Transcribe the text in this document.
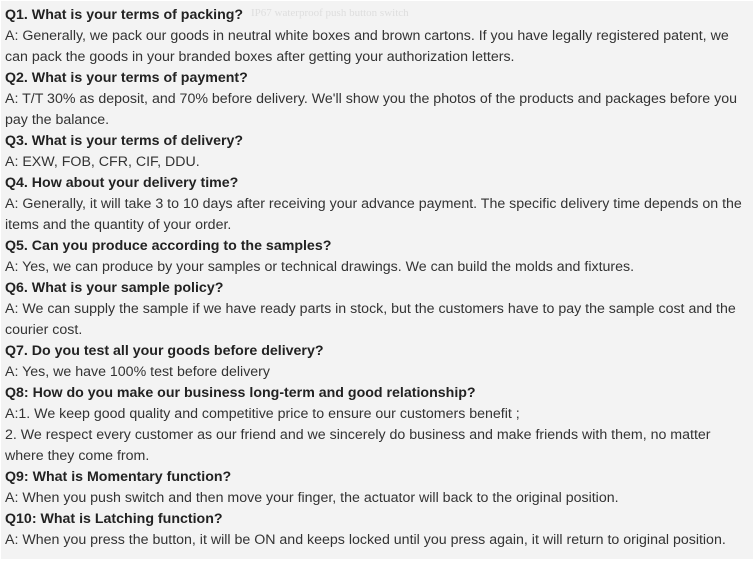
IP67 waterproof push button switch
Q1. What is your terms of packing?
A: Generally, we pack our goods in neutral white boxes and brown cartons. If you have legally registered patent, we can pack the goods in your branded boxes after getting your authorization letters.
Q2. What is your terms of payment?
A: T/T 30% as deposit, and 70% before delivery. We'll show you the photos of the products and packages before you pay the balance.
Q3. What is your terms of delivery?
A: EXW, FOB, CFR, CIF, DDU.
Q4. How about your delivery time?
A: Generally, it will take 3 to 10 days after receiving your advance payment. The specific delivery time depends on the items and the quantity of your order.
Q5. Can you produce according to the samples?
A: Yes, we can produce by your samples or technical drawings. We can build the molds and fixtures.
Q6. What is your sample policy?
A: We can supply the sample if we have ready parts in stock, but the customers have to pay the sample cost and the courier cost.
Q7. Do you test all your goods before delivery?
A: Yes, we have 100% test before delivery
Q8: How do you make our business long-term and good relationship?
A:1. We keep good quality and competitive price to ensure our customers benefit ;
2. We respect every customer as our friend and we sincerely do business and make friends with them, no matter where they come from.
Q9: What is Momentary function?
A: When you push switch and then move your finger, the actuator will back to the original position.
Q10: What is Latching function?
A: When you press the button, it will be ON and keeps locked until you press again, it will return to original position.
